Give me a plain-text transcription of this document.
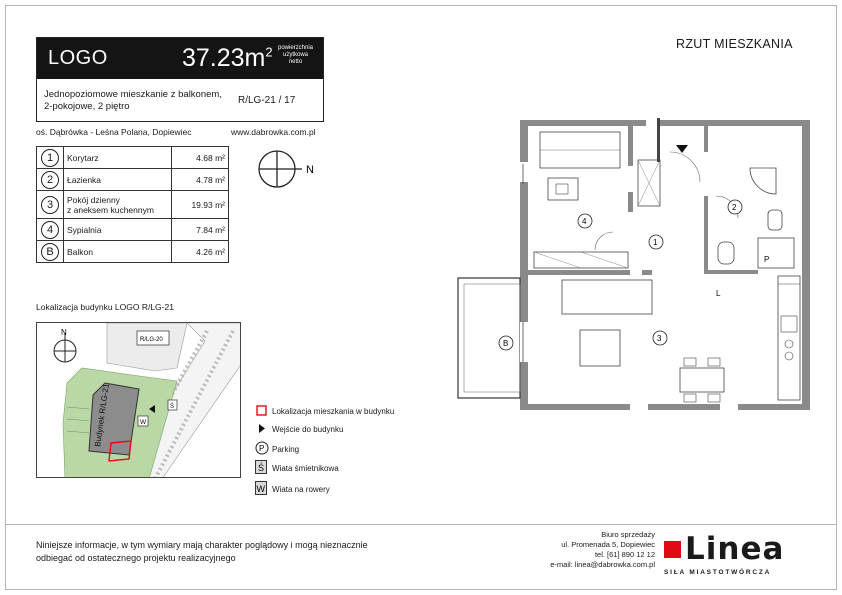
LOGO	$37.23m^2$ powierzchnia
użytkowa
netto
Jednopoziomowe mieszkanie z balkonem,
2-pokojowe, 2 piętro
R/LG-21 / 17
oś. Dąbrówka - Leśna Polana, Dopiewiec	www.dabrowka.com.pl
1	Korytarz	4.68 m²
2	Łazienka	4.78 m²
3	Pokój dzienny
z aneksem kuchennym	19.93 m²
4	Sypialnia	7.84 m²
B	Balkon	4.26 m²
N
Lokalizacja budynku LOGO R/LG-21
R/LG-20
Budynek R/LG-21	Ś
W
N
Lokalizacja mieszkania w budynku
Wejście do budynku
P Parking
Ś Wiata śmietnikowa
W Wiata na rowery
RZUT MIESZKANIA
4
1
2
3
B
P
L
Niniejsze informacje, w tym wymiary mają charakter poglądowy i mogą nieznacznie
odbiegać od ostatecznego projektu realizacyjnego
Biuro sprzedaży
ul. Promenada 5, Dopiewiec
tel. [61] 890 12 12
e-mail: linea@dabrowka.com.pl Linea
SIŁA MIASTOTWÓRCZA
